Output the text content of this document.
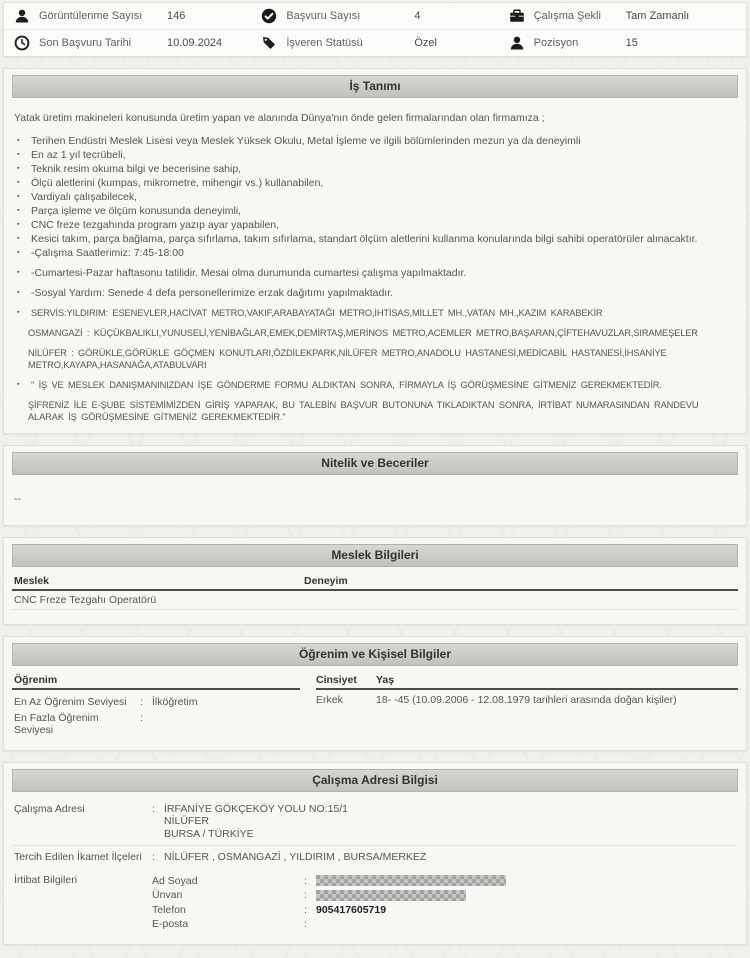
Görüntülenme Sayısı	146	Başvuru Sayısı	4	Çalışma Şekli	Tam Zamanlı
Son Başvuru Tarihi	10.09.2024	İşveren Statüsü	Özel	Pozisyon	15
İş Tanımı

Yatak üretim makineleri konusunda üretim yapan ve alanında Dünya'nın önde gelen firmalarından olan firmamıza ;

▪	Terihen Endüstri Meslek Lisesi veya Meslek Yüksek Okulu, Metal İşleme ve ilgili bölümlerinden mezun ya da deneyimli
▪	En az 1 yıl tecrübeli,
▪	Teknik resim okuma bilgi ve becerisine sahip,
▪	Ölçü aletlerini (kumpas, mikrometre, mihengir vs.) kullanabilen,
▪	Vardiyalı çalışabilecek,
▪	Parça işleme ve ölçüm konusunda deneyimli,
▪	CNC freze tezgahında program yazıp ayar yapabilen,
▪	Kesici takım, parça bağlama, parça sıfırlama, takım sıfırlama, standart ölçüm aletlerini kullanma konularında bilgi sahibi operatörüler alınacaktır.
▪	-Çalışma Saatlerimiz: 7:45-18:00
▪	-Cumartesi-Pazar haftasonu tatilidir. Mesai olma durumunda cumartesi çalışma yapılmaktadır.
▪	-Sosyal Yardım: Senede 4 defa personellerimize erzak dağıtımı yapılmaktadır.
▪	SERVİS:YILDIRIM: ESENEVLER,HACİVAT METRO,VAKIF,ARABAYATAĞI METRO,İHTİSAS,MİLLET MH.,VATAN MH.,KAZIM KARABEKİR
OSMANGAZİ : KÜÇÜKBALIKLI,YUNUSELİ,YENİBAĞLAR,EMEK,DEMİRTAŞ,MERİNOS METRO,ACEMLER METRO,BAŞARAN,ÇİFTEHAVUZLAR,SIRAMEŞELER
NİLÜFER : GÖRÜKLE,GÖRÜKLE GÖÇMEN KONUTLARI,ÖZDİLEKPARK,NİLÜFER METRO,ANADOLU HASTANESİ,MEDİCABİL HASTANESİ,İHSANİYE METRO,KAYAPA,HASANAĞA,ATABULVARI
▪	" İŞ VE MESLEK DANIŞMANINIZDAN İŞE GÖNDERME FORMU ALDIKTAN SONRA, FİRMAYLA İŞ GÖRÜŞMESİNE GİTMENİZ GEREKMEKTEDİR.
ŞİFRENİZ İLE E-ŞUBE SİSTEMİMİZDEN GİRİŞ YAPARAK, BU TALEBİN BAŞVUR BUTONUNA TIKLADIKTAN SONRA, İRTİBAT NUMARASINDAN RANDEVU ALARAK İŞ GÖRÜŞMESİNE GİTMENİZ GEREKMEKTEDİR."
Nitelik ve Beceriler

--

Meslek Bilgileri
Meslek	Deneyim
CNC Freze Tezgahı Operatörü
Öğrenim ve Kişisel Bilgiler
Öğrenim
En Az Öğrenim Seviyesi	: İlköğretim
En Fazla Öğrenim Seviyesi
:
Cinsiyet	Yaş
Erkek	18- -45 (10.09.2006 - 12.08.1979 tarihleri arasında doğan kişiler)
Çalışma Adresi Bilgisi
Çalışma Adresi	: İRFANİYE GÖKÇEKÖY YOLU NO:15/1
NİLÜFER
BURSA / TÜRKİYE
Tercih Edilen İkamet İlçeleri : NİLÜFER , OSMANGAZİ , YILDIRIM , BURSA/MERKEZ
İrtibat Bilgileri	Ad Soyad	:
Ünvan	:
Telefon	: 905417605719
E-posta	:
